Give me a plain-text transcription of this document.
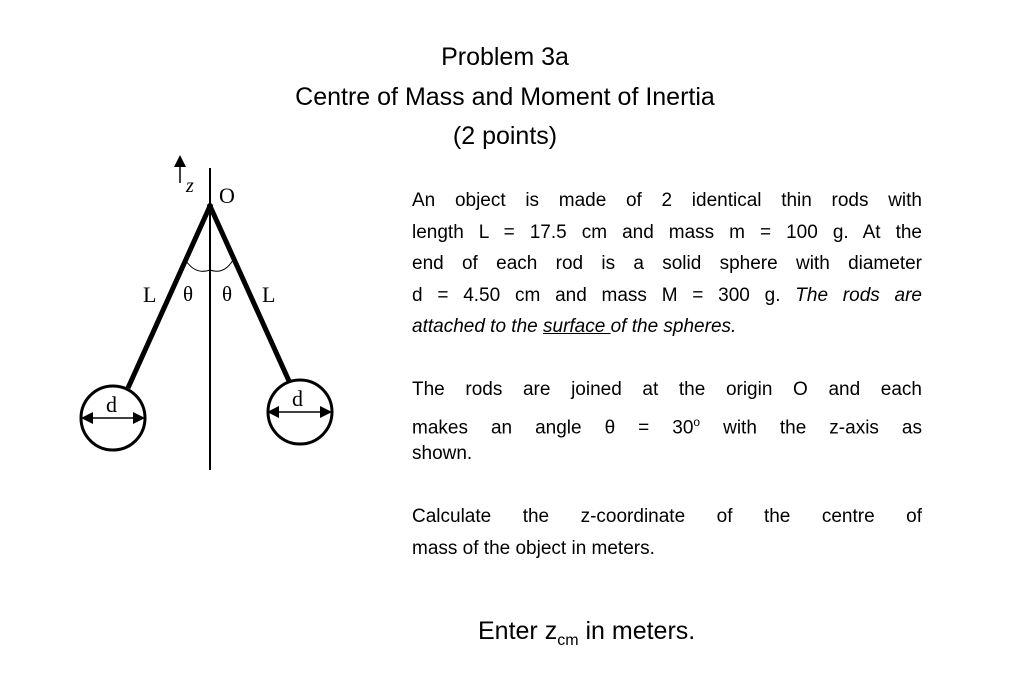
Problem 3a
Centre of Mass and Moment of Inertia
(2 points)
z O
L θ θ L
d	d
An object is made of 2 identical thin rods with
length L = 17.5 cm and mass m = 100 g. At the
end of each rod is a solid sphere with diameter
d = 4.50 cm and mass M = 300 g. The rods are
attached to the surface of the spheres.
The rods are joined at the origin O and each
makes an angle $\theta = 30^o$ with the z-axis as
shown.
Calculate the z-coordinate of the centre of
mass of the object in meters.
Enter $z_{cm}$ in meters.
